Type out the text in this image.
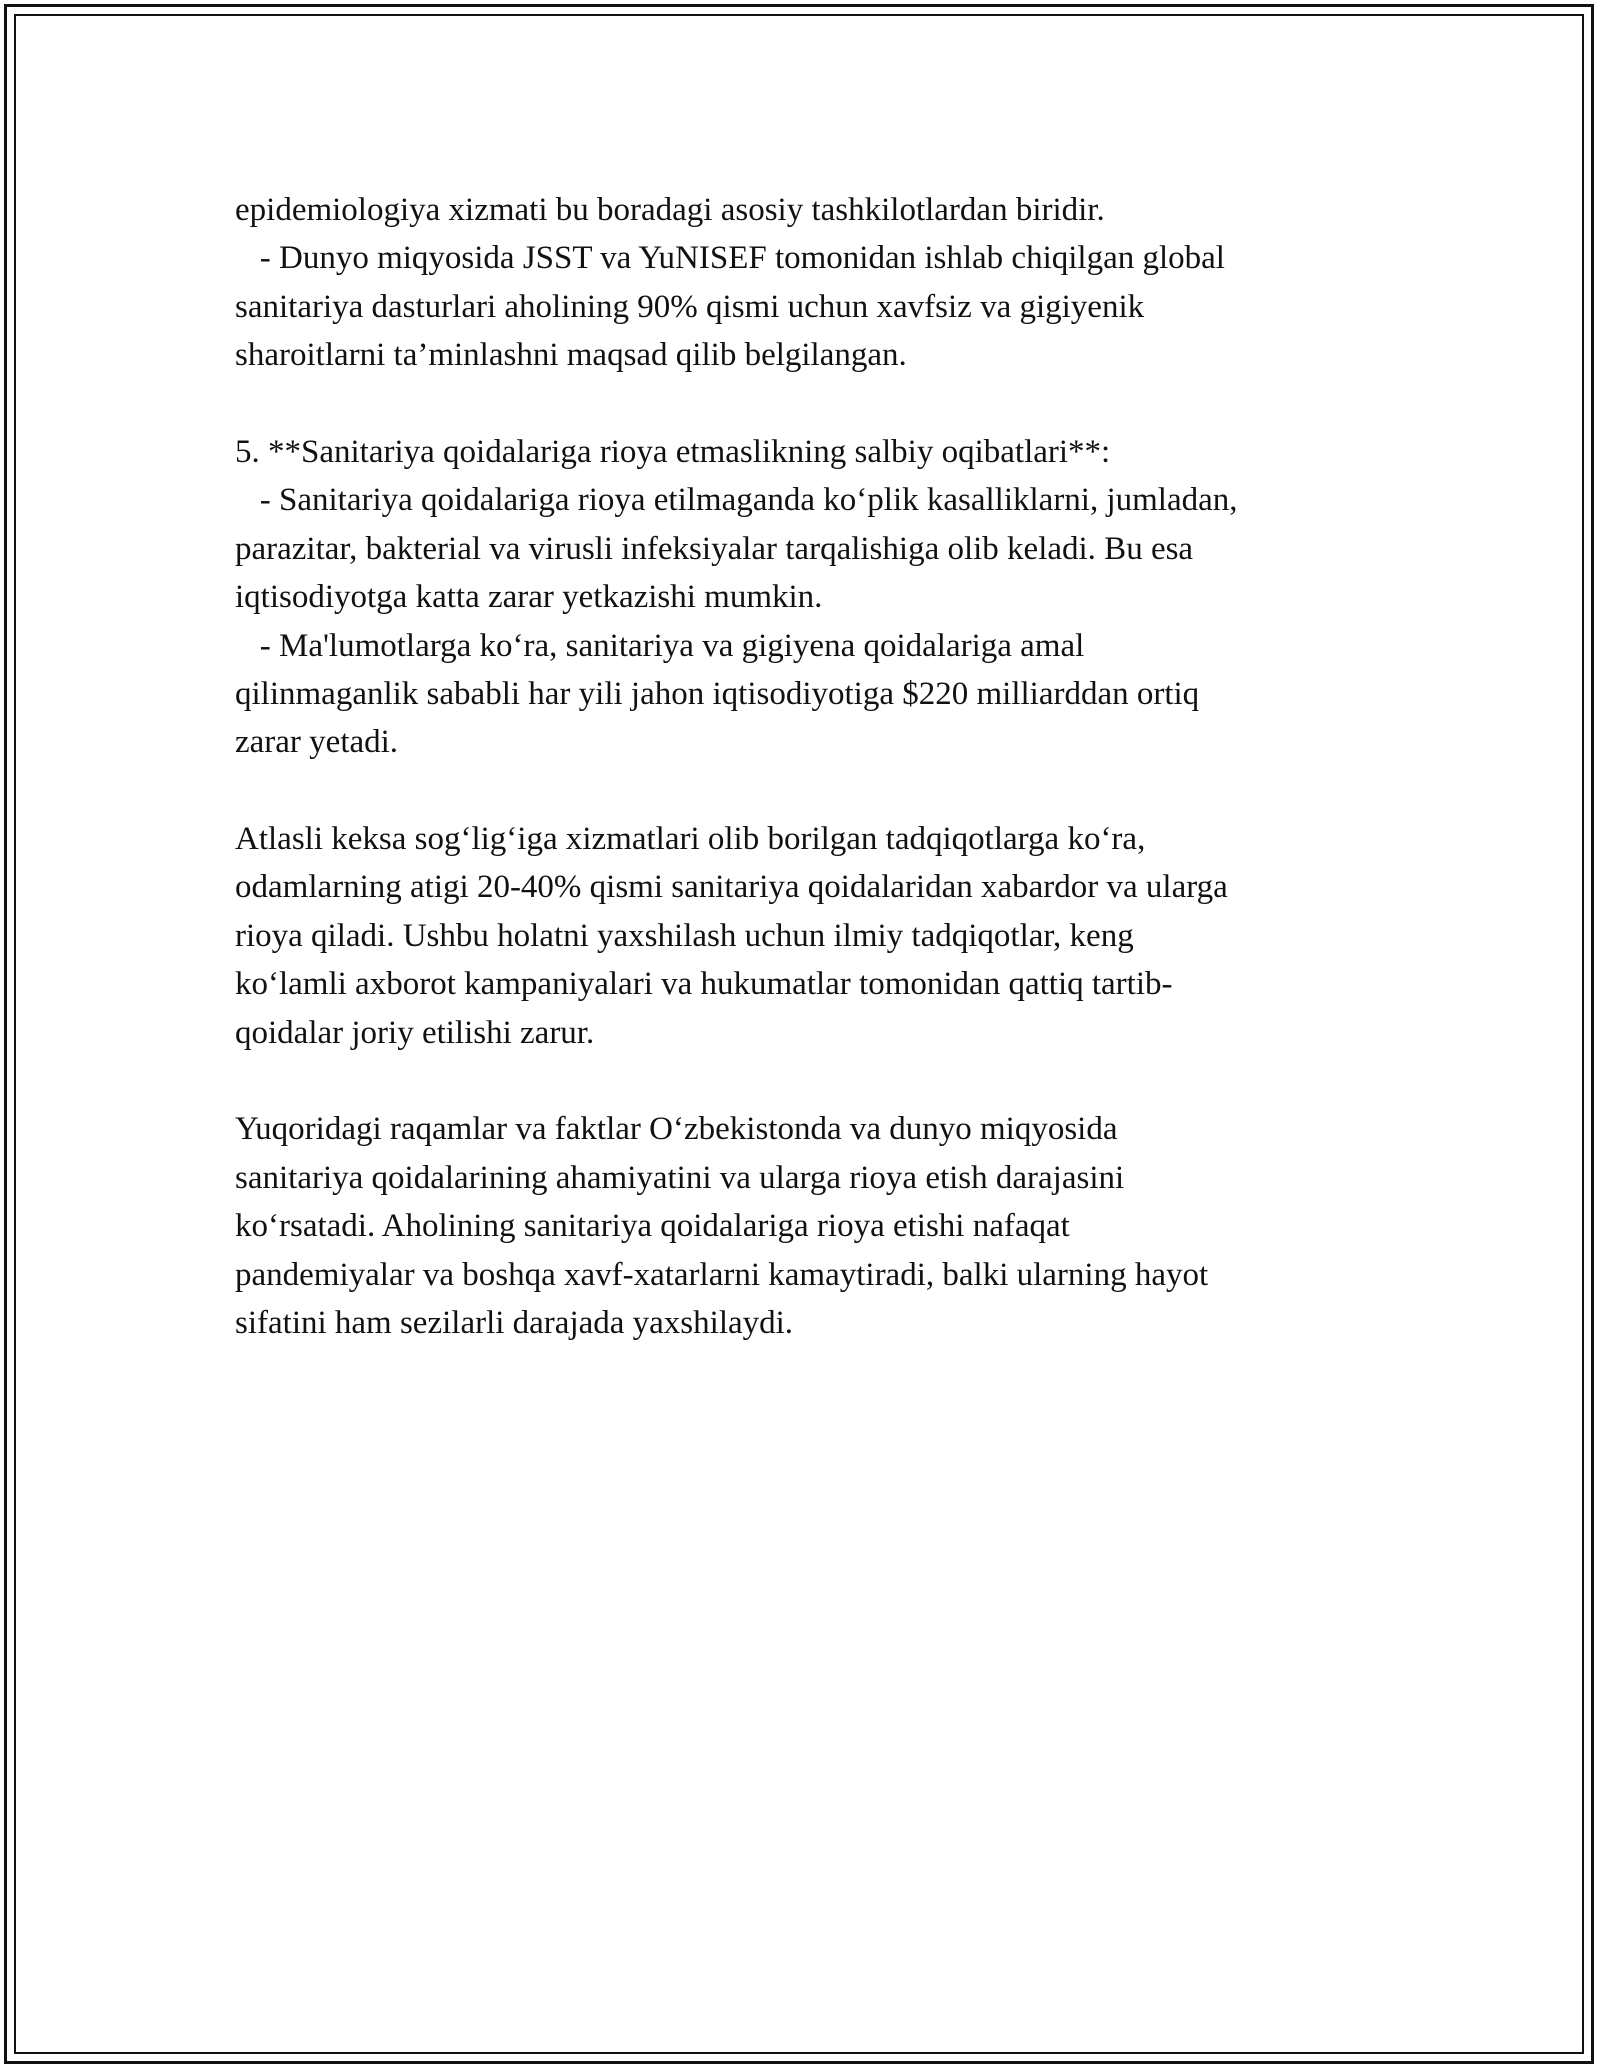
epidemiologiya xizmati bu boradagi asosiy tashkilotlardan biridir.
- Dunyo miqyosida JSST va YuNISEF tomonidan ishlab chiqilgan global
sanitariya dasturlari aholining 90% qismi uchun xavfsiz va gigiyenik
sharoitlarni ta’minlashni maqsad qilib belgilangan.
5. **Sanitariya qoidalariga rioya etmaslikning salbiy oqibatlari**:
- Sanitariya qoidalariga rioya etilmaganda ko‘plik kasalliklarni, jumladan,
parazitar, bakterial va virusli infeksiyalar tarqalishiga olib keladi. Bu esa
iqtisodiyotga katta zarar yetkazishi mumkin.
- Ma'lumotlarga ko‘ra, sanitariya va gigiyena qoidalariga amal
qilinmaganlik sababli har yili jahon iqtisodiyotiga $220 milliarddan ortiq
zarar yetadi.
Atlasli keksa sog‘lig‘iga xizmatlari olib borilgan tadqiqotlarga ko‘ra,
odamlarning atigi 20-40% qismi sanitariya qoidalaridan xabardor va ularga
rioya qiladi. Ushbu holatni yaxshilash uchun ilmiy tadqiqotlar, keng
ko‘lamli axborot kampaniyalari va hukumatlar tomonidan qattiq tartib-
qoidalar joriy etilishi zarur.
Yuqoridagi raqamlar va faktlar O‘zbekistonda va dunyo miqyosida
sanitariya qoidalarining ahamiyatini va ularga rioya etish darajasini
ko‘rsatadi. Aholining sanitariya qoidalariga rioya etishi nafaqat
pandemiyalar va boshqa xavf-xatarlarni kamaytiradi, balki ularning hayot
sifatini ham sezilarli darajada yaxshilaydi.
